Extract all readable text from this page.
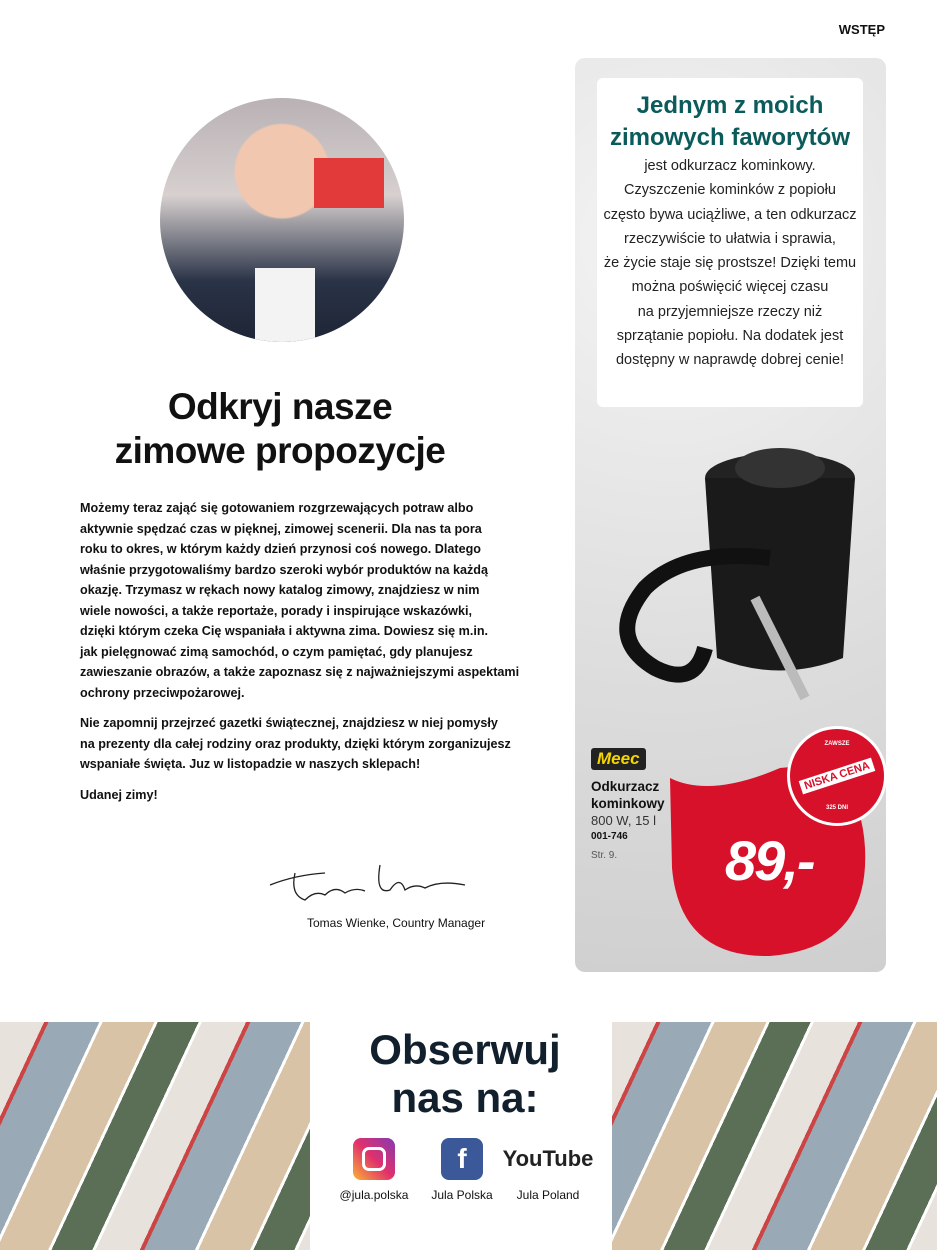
WSTĘP
Odkryj nasze
zimowe propozycje

Możemy teraz zająć się gotowaniem rozgrzewających potraw albo
aktywnie spędzać czas w pięknej, zimowej scenerii. Dla nas ta pora
roku to okres, w którym każdy dzień przynosi coś nowego. Dlatego
właśnie przygotowaliśmy bardzo szeroki wybór produktów na każdą
okazję. Trzymasz w rękach nowy katalog zimowy, znajdziesz w nim
wiele nowości, a także reportaże, porady i inspirujące wskazówki,
dzięki którym czeka Cię wspaniała i aktywna zima. Dowiesz się m.in.
jak pielęgnować zimą samochód, o czym pamiętać, gdy planujesz
zawieszanie obrazów, a także zapoznasz się z najważniejszymi aspektami
ochrony przeciwpożarowej.

Nie zapomnij przejrzeć gazetki świątecznej, znajdziesz w niej pomysły
na prezenty dla całej rodziny oraz produkty, dzięki którym zorganizujesz
wspaniałe święta. Juz w listopadzie w naszych sklepach!

Udanej zimy!

Tomas Wienke, Country Manager
Jednym z moich
zimowych faworytów
jest odkurzacz kominkowy.
Czyszczenie kominków z popiołu
często bywa uciążliwe, a ten odkurzacz
rzeczywiście to ułatwia i sprawia,
że życie staje się prostsze! Dzięki temu
można poświęcić więcej czasu
na przyjemniejsze rzeczy niż
sprzątanie popiołu. Na dodatek jest
dostępny w naprawdę dobrej cenie!
Meec
Odkurzacz
kominkowy
800 W, 15 l
001-746
Str. 9. 89,-
ZAWSZE
NISKA CENA
325 DNI
Obserwuj
nas na:
@jula.polska
f
Jula Polska
YouTube
Jula Poland
